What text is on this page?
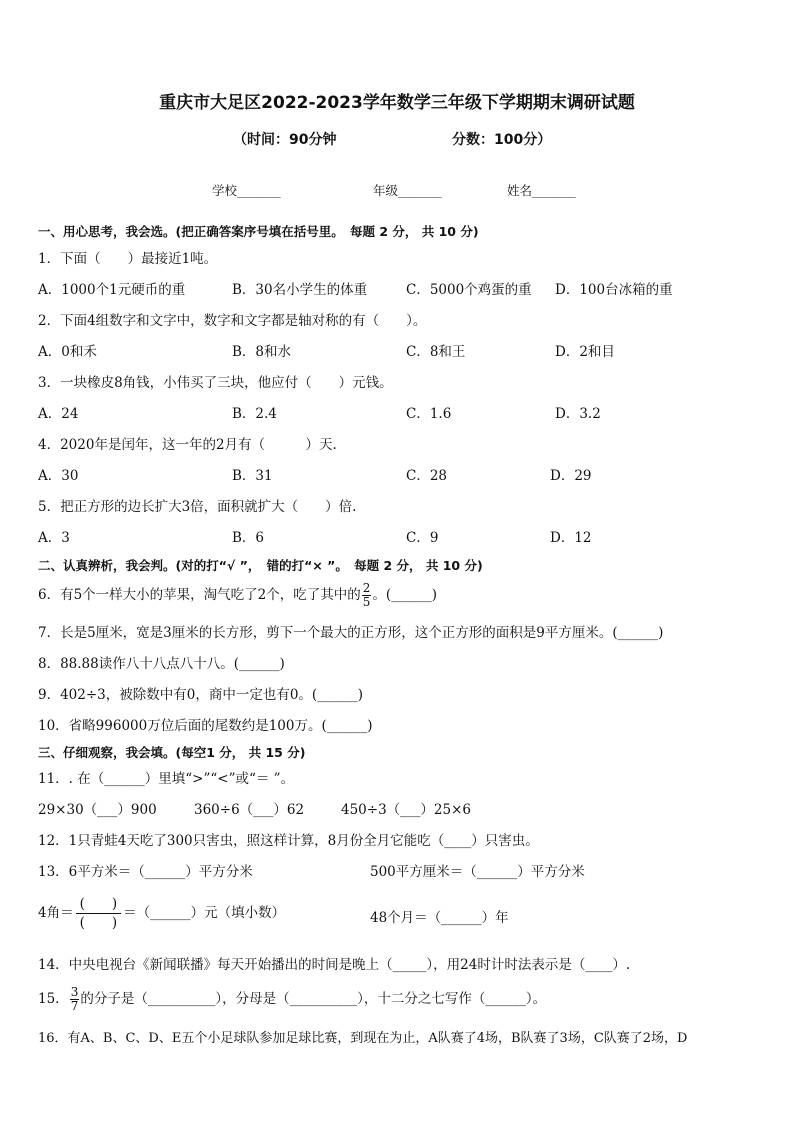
重庆市大足区2022-2023学年数学三年级下学期期末调研试题
（时间：90分钟	分数：100分）
学校_______	年级_______	姓名_______
一、用心思考，我会选。(把正确答案序号填在括号里。　每题 2 分， 共 10 分)
1．下面（　　）最接近1吨。
A．1000个1元硬币的重	B．30名小学生的体重	C．5000个鸡蛋的重 D．100台冰箱的重
2．下面4组数字和文字中，数字和文字都是轴对称的有（　　）。
A．0和禾	B．8和水	C．8和王	D．2和目
3．一块橡皮8角钱，小伟买了三块，他应付（　　）元钱。
A．24	B．2.4	C．1.6	D．3.2
4．2020年是闰年，这一年的2月有（　　　）天.
A．30	B．31	C．28	D．29
5．把正方形的边长扩大3倍，面积就扩大（　　）倍.
A．3	B．6	C．9	D．12
二、认真辨析，我会判。(对的打“√ ”，　错的打“× ”。　每题 2 分， 共 10 分)
6．有5个一样大小的苹果，淘气吃了2个，吃了其中的 $\frac{2}{5}$ 。(______)
7．长是5厘米，宽是3厘米的长方形，剪下一个最大的正方形，这个正方形的面积是9平方厘米。(______)
8．88.88读作八十八点八十八。(______)
9．402÷3，被除数中有0，商中一定也有0。(______)
10．省略996000万位后面的尾数约是100万。(______)
三、仔细观察，我会填。(每空1 分， 共 15 分)
11．. 在（______）里填“>”“<”或“＝ ”。
29×30（___）900	360÷6（___）62	450÷3（___）25×6
12．1只青蛙4天吃了300只害虫，照这样计算，8月份全月它能吃（____）只害虫。
13．6平方米＝（______）平方分米	500平方厘米＝（______）平方分米
4角＝ $\frac{( )}{( )}$ ＝（______）元（填小数）	48个月＝（______）年
14．中央电视台《新闻联播》每天开始播出的时间是晚上（_____），用24时计时法表示是（____）.
15． $\frac{3}{7}$ 的分子是（__________），分母是（__________），十二分之七写作（______）。
16．有A、B、C、D、E五个小足球队参加足球比赛，到现在为止，A队赛了4场，B队赛了3场，C队赛了2场，D
